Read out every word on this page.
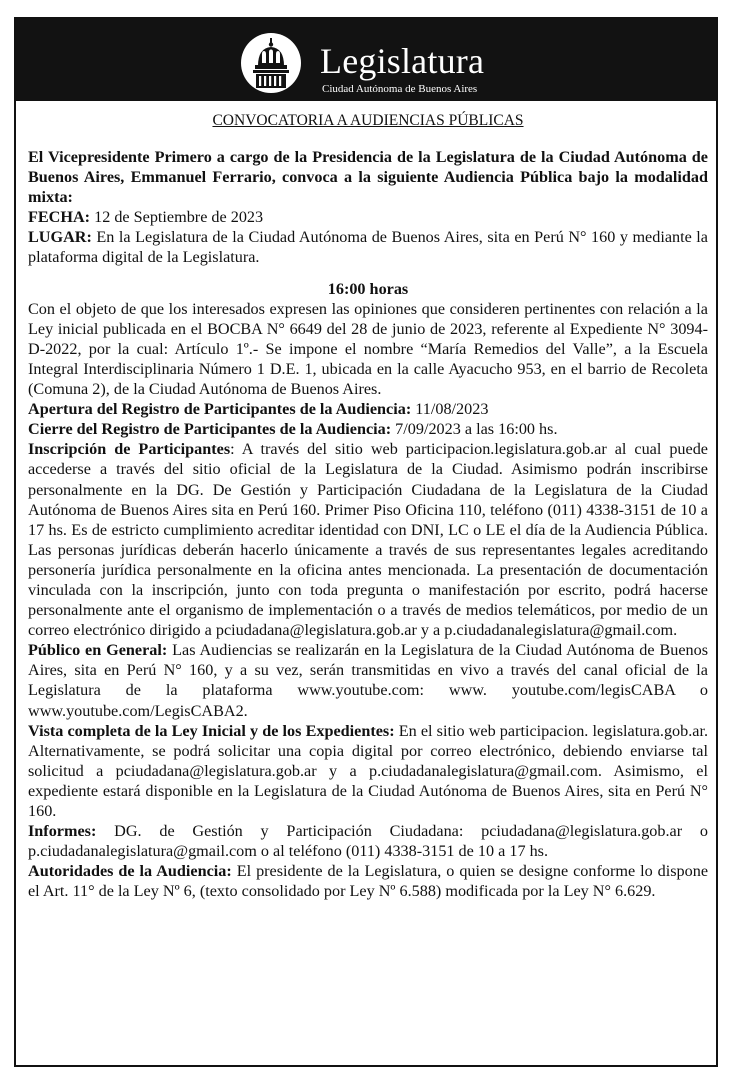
Legislatura
Ciudad Autónoma de Buenos Aires

CONVOCATORIA A AUDIENCIAS PÚBLICAS

El Vicepresidente Primero a cargo de la Presidencia de la Legislatura de la Ciudad Autónoma de Buenos Aires, Emmanuel Ferrario, convoca a la siguiente Audiencia Pública bajo la modalidad mixta:

FECHA: 12 de Septiembre de 2023

LUGAR: En la Legislatura de la Ciudad Autónoma de Buenos Aires, sita en Perú N° 160 y mediante la plataforma digital de la Legislatura.

16:00 horas

Con el objeto de que los interesados expresen las opiniones que consideren pertinentes con relación a la Ley inicial publicada en el BOCBA N° 6649 del 28 de junio de 2023, referente al Expediente N° 3094-D-2022, por la cual: Artículo 1º.- Se impone el nombre “María Remedios del Valle”, a la Escuela Integral Interdisciplinaria Número 1 D.E. 1, ubicada en la calle Ayacucho 953, en el barrio de Recoleta (Comuna 2), de la Ciudad Autónoma de Buenos Aires.

Apertura del Registro de Participantes de la Audiencia: 11/08/2023

Cierre del Registro de Participantes de la Audiencia: 7/09/2023 a las 16:00 hs.

Inscripción de Participantes: A través del sitio web participacion.legislatura.gob.ar al cual puede accederse a través del sitio oficial de la Legislatura de la Ciudad. Asimismo podrán inscribirse personalmente en la DG. De Gestión y Participación Ciudadana de la Legislatura de la Ciudad Autónoma de Buenos Aires sita en Perú 160. Primer Piso Oficina 110, teléfono (011) 4338-3151 de 10 a 17 hs. Es de estricto cumplimiento acreditar identidad con DNI, LC o LE el día de la Audiencia Pública. Las personas jurídicas deberán hacerlo únicamente a través de sus representantes legales acreditando personería jurídica personalmente en la oficina antes mencionada. La presentación de documentación vinculada con la inscripción, junto con toda pregunta o manifestación por escrito, podrá hacerse personalmente ante el organismo de implementación o a través de medios telemáticos, por medio de un correo electrónico dirigido a pciudadana@legislatura.gob.ar y a p.ciudadanalegislatura@gmail.com.

Público en General: Las Audiencias se realizarán en la Legislatura de la Ciudad Autónoma de Buenos Aires, sita en Perú N° 160, y a su vez, serán transmitidas en vivo a través del canal oficial de la Legislatura de la plataforma www.youtube.com: www. youtube.com/legisCABA o www.youtube.com/LegisCABA2.

Vista completa de la Ley Inicial y de los Expedientes: En el sitio web participacion. legislatura.gob.ar. Alternativamente, se podrá solicitar una copia digital por correo electrónico, debiendo enviarse tal solicitud a pciudadana@legislatura.gob.ar y a p.ciudadanalegislatura@gmail.com. Asimismo, el expediente estará disponible en la Legislatura de la Ciudad Autónoma de Buenos Aires, sita en Perú N° 160.

Informes: DG. de Gestión y Participación Ciudadana: pciudadana@legislatura.gob.ar o p.ciudadanalegislatura@gmail.com o al teléfono (011) 4338-3151 de 10 a 17 hs.

Autoridades de la Audiencia: El presidente de la Legislatura, o quien se designe conforme lo dispone el Art. 11° de la Ley Nº 6, (texto consolidado por Ley Nº 6.588) modificada por la Ley N° 6.629.
